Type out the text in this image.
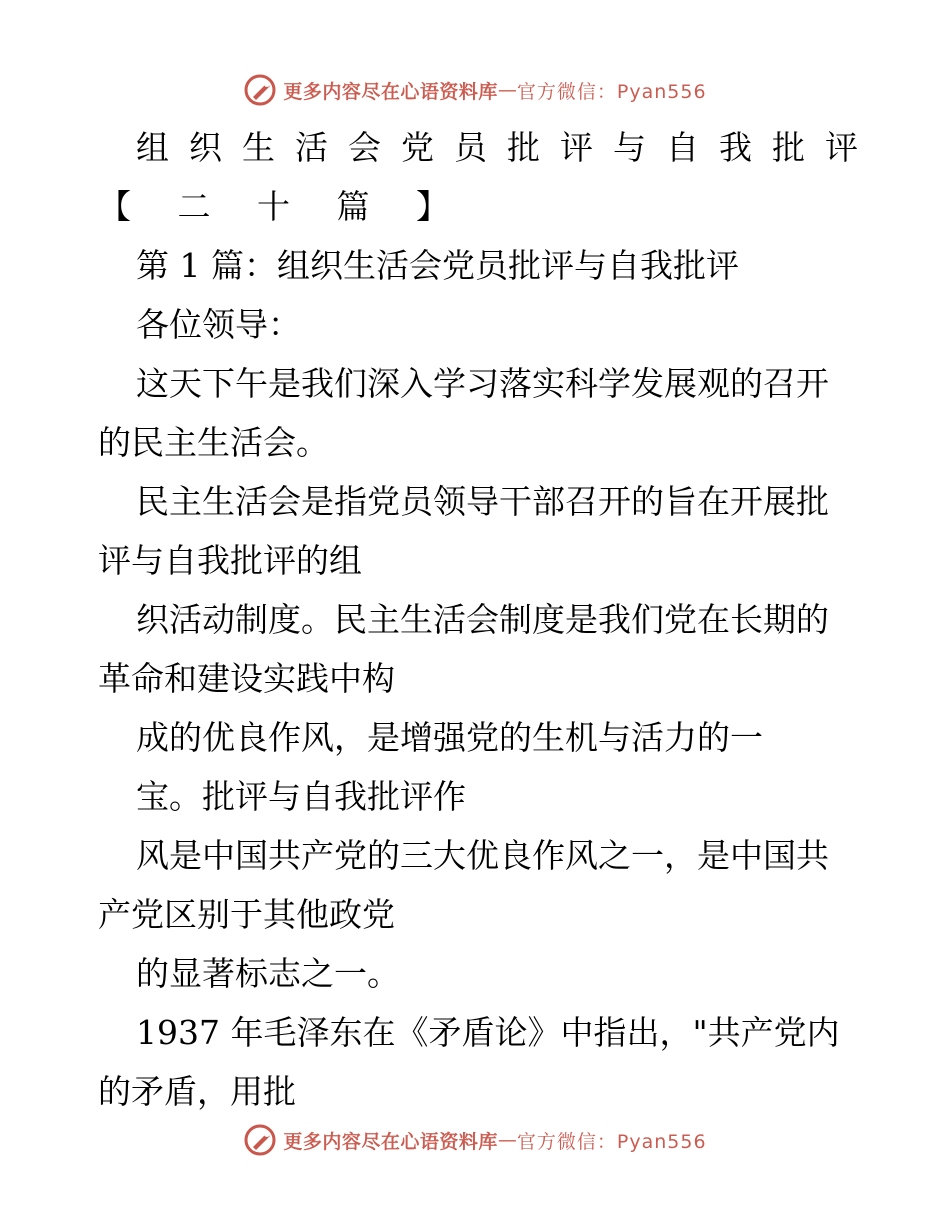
更多内容尽在心语资料库 — 官方微信：Pyan556
组 织 生 活 会 党 员 批 评 与 自 我 批 评
【 二 十 篇 】
第 1 篇：组织生活会党员批评与自我批评
各位领导：
这天下午是我们深入学习落实科学发展观的召开
的民主生活会。
民主生活会是指党员领导干部召开的旨在开展批
评与自我批评的组
织活动制度。民主生活会制度是我们党在长期的
革命和建设实践中构
成的优良作风，是增强党的生机与活力的一
宝。批评与自我批评作
风是中国共产党的三大优良作风之一，是中国共
产党区别于其他政党
的显著标志之一。
1937 年毛泽东在《矛盾论》中指出，"共产党内
的矛盾，用批
更多内容尽在心语资料库 — 官方微信：Pyan556
